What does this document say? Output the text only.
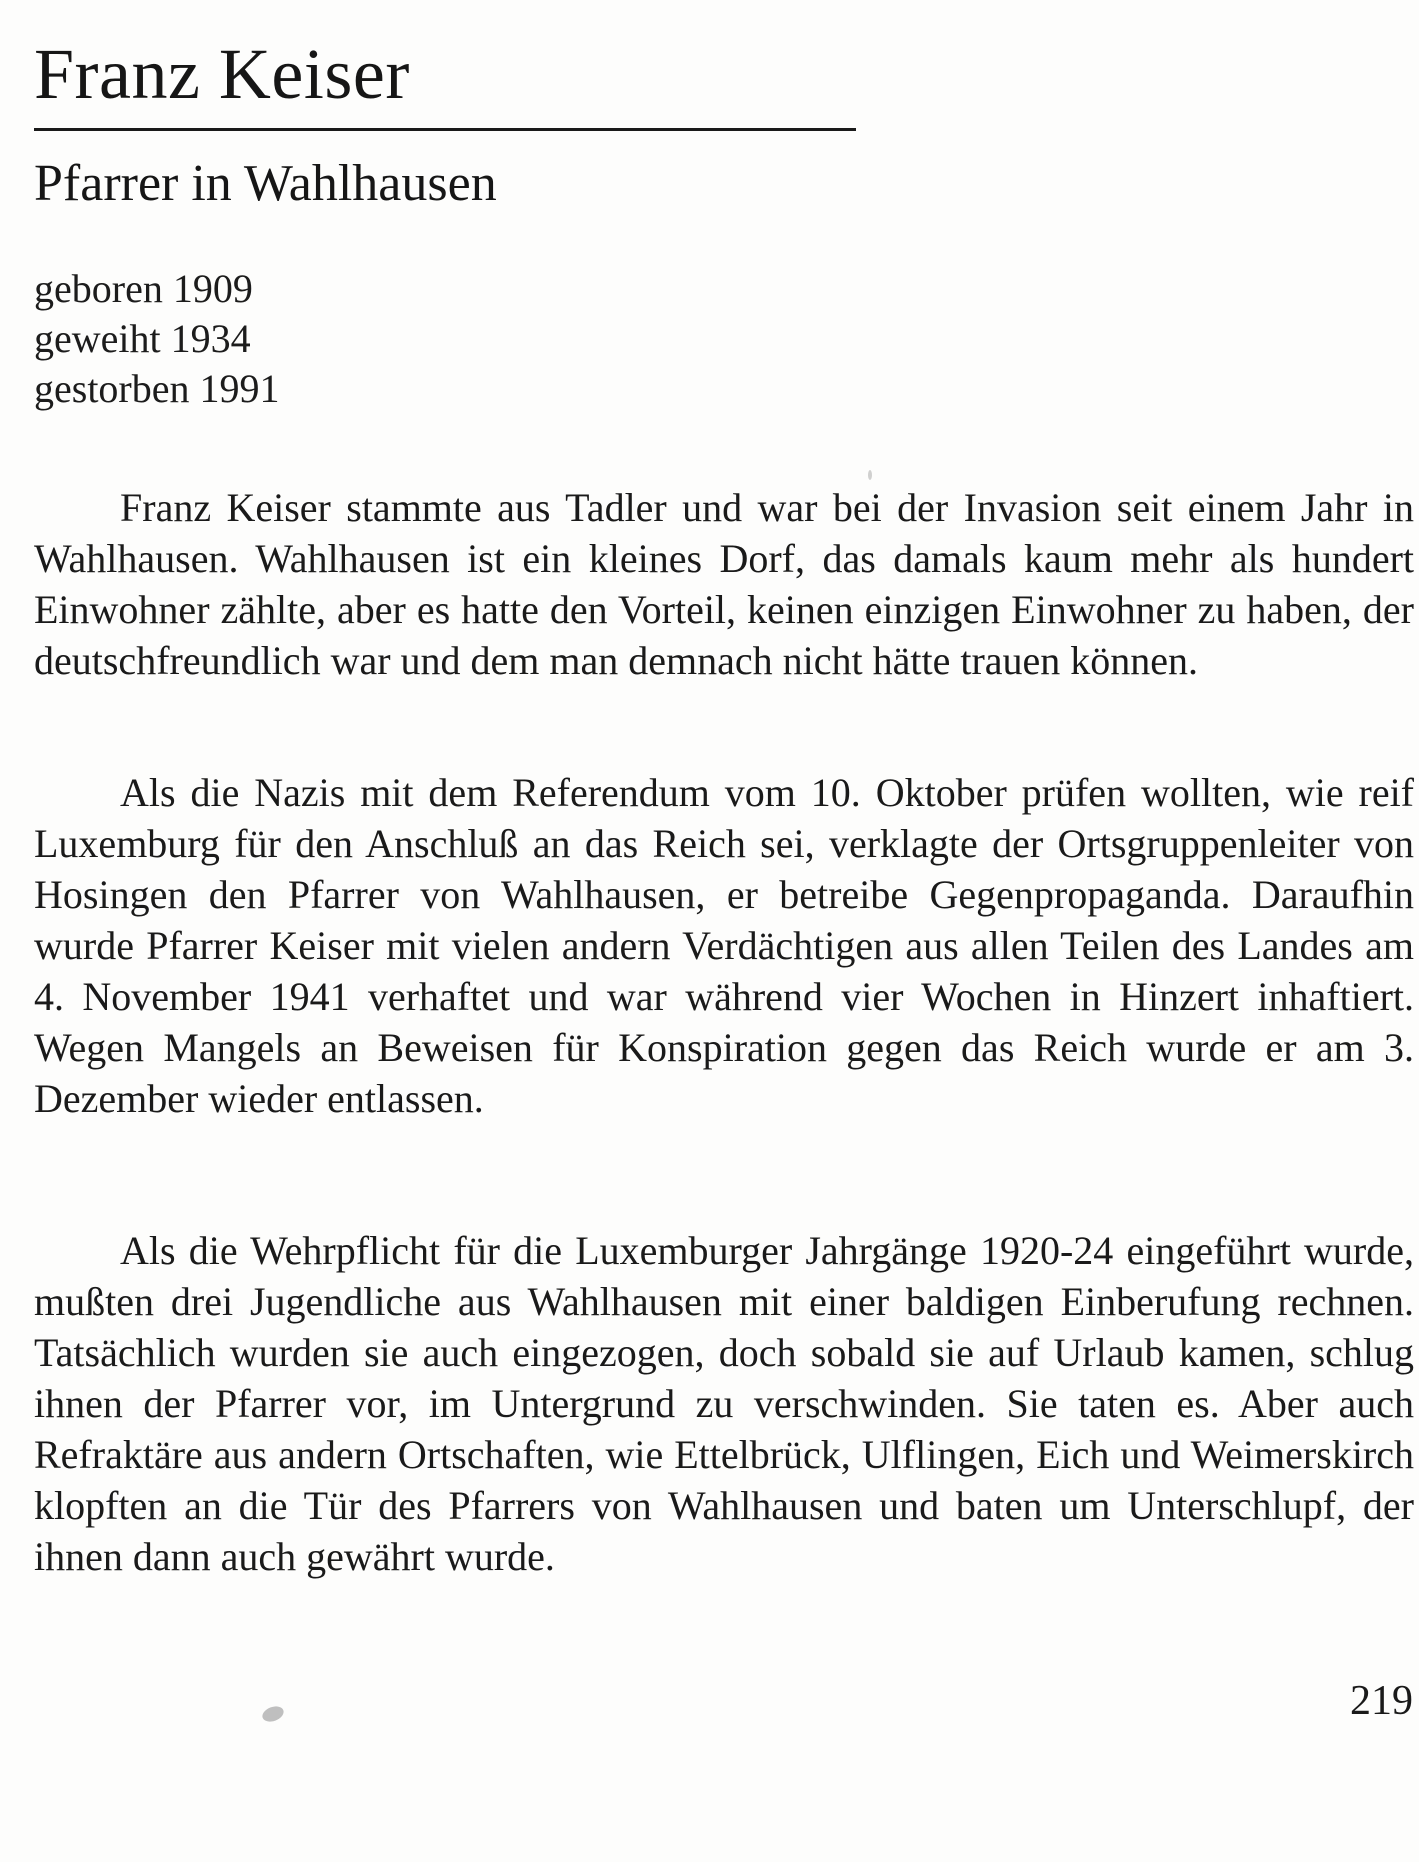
Franz Keiser
Pfarrer in Wahlhausen
geboren 1909
geweiht 1934
gestorben 1991

Franz Keiser stammte aus Tadler und war bei der Invasion seit einem Jahr in Wahlhausen. Wahlhausen ist ein kleines Dorf, das damals kaum mehr als hundert Einwohner zählte, aber es hatte den Vorteil, keinen einzigen Einwohner zu haben, der deutschfreundlich war und dem man demnach nicht hätte trauen können.

Als die Nazis mit dem Referendum vom 10. Oktober prüfen wollten, wie reif Luxemburg für den Anschluß an das Reich sei, verklagte der Ortsgruppenleiter von Hosingen den Pfarrer von Wahlhausen, er betreibe Gegenpropaganda. Daraufhin wurde Pfarrer Keiser mit vielen andern Verdächtigen aus allen Teilen des Landes am 4. November 1941 verhaftet und war während vier Wochen in Hinzert inhaftiert. Wegen Mangels an Beweisen für Konspiration gegen das Reich wurde er am 3. Dezember wieder entlassen.

Als die Wehrpflicht für die Luxemburger Jahrgänge 1920-24 eingeführt wurde, mußten drei Jugendliche aus Wahlhausen mit einer baldigen Einberufung rechnen. Tatsächlich wurden sie auch eingezogen, doch sobald sie auf Urlaub kamen, schlug ihnen der Pfarrer vor, im Untergrund zu verschwinden. Sie taten es. Aber auch Refraktäre aus andern Ortschaften, wie Ettelbrück, Ulflingen, Eich und Weimerskirch klopften an die Tür des Pfarrers von Wahlhausen und baten um Unterschlupf, der ihnen dann auch gewährt wurde.

219
